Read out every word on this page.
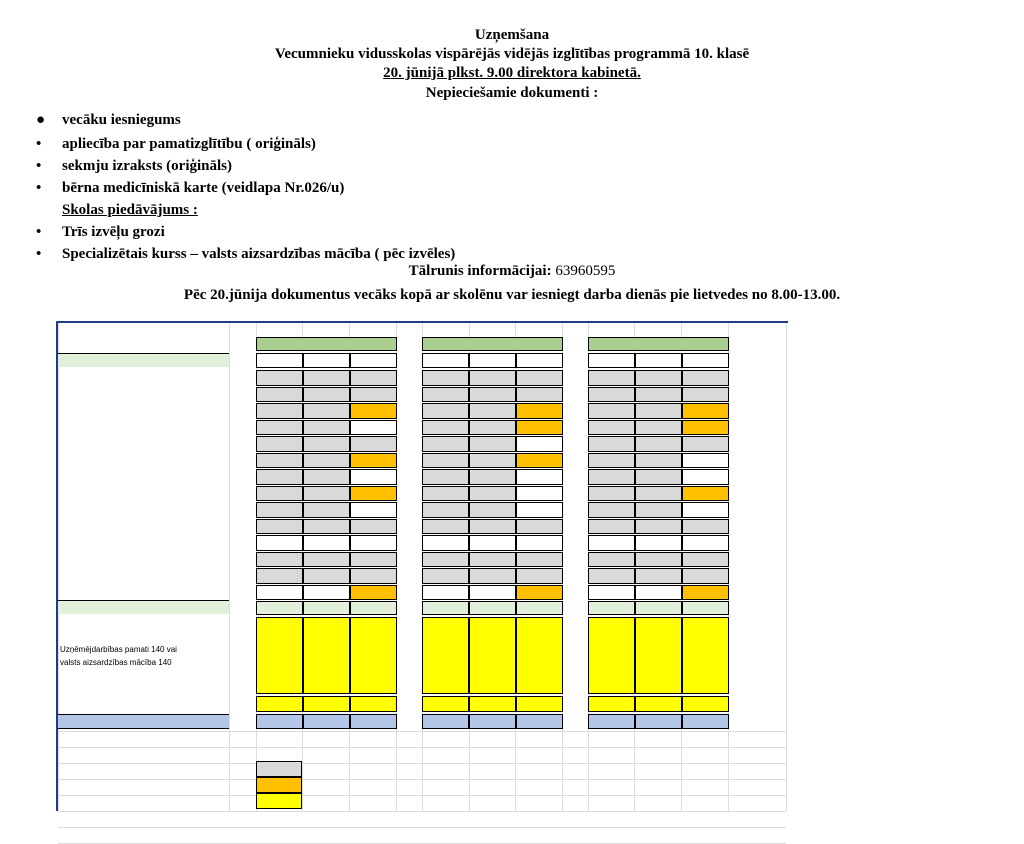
Uzņemšana
Vecumnieku vidusskolas vispārējās vidējās izglītības programmā 10. klasē
20. jūnijā plkst. 9.00 direktora kabinetā.
Nepieciešamie dokumenti :
●	vecāku iesniegums
•	apliecība par pamatizglītību ( oriģināls)
•	sekmju izraksts (oriģināls)
•	bērna medicīniskā karte (veidlapa Nr.026/u)
Skolas piedāvājums :
•	Trīs izvēļu grozi
•	Specializētais kurss – valsts aizsardzības mācība ( pēc izvēles)
Tālrunis informācijai: 63960595
Pēc 20.jūnija dokumentus vecāks kopā ar skolēnu var iesniegt darba dienās pie lietvedes no 8.00-13.00.
Uzņēmējdarbības pamati 140 vai
valsts aizsardzības mācība 140
